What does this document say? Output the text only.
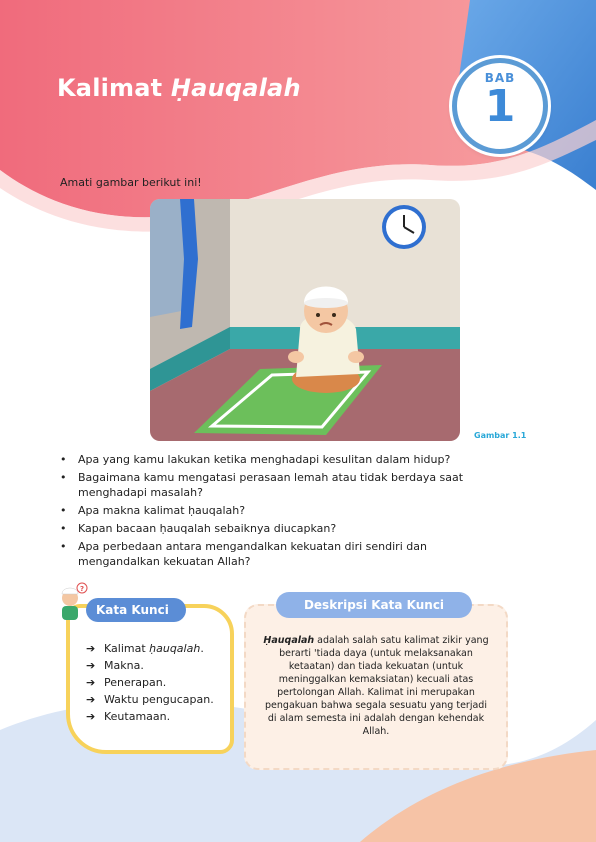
Kalimat Ḥauqalah	BAB
1
Amati gambar berikut ini!
Gambar 1.1
• Apa yang kamu lakukan ketika menghadapi kesulitan dalam hidup?
• Bagaimana kamu mengatasi perasaan lemah atau tidak berdaya saat menghadapi masalah?
• Apa makna kalimat ḥauqalah?
• Kapan bacaan ḥauqalah sebaiknya diucapkan?
• Apa perbedaan antara mengandalkan kekuatan diri sendiri dan mengandalkan kekuatan Allah?
Kata Kunci
?
➔ Kalimat ḥauqalah.
➔ Makna.
➔ Penerapan.
➔ Waktu pengucapan.
➔ Keutamaan.
Deskripsi Kata Kunci
Ḥauqalah adalah salah satu kalimat zikir yang berarti 'tiada daya (untuk melaksanakan ketaatan) dan tiada kekuatan (untuk meninggalkan kemaksiatan) kecuali atas pertolongan Allah. Kalimat ini merupakan pengakuan bahwa segala sesuatu yang terjadi di alam semesta ini adalah dengan kehendak Allah.
